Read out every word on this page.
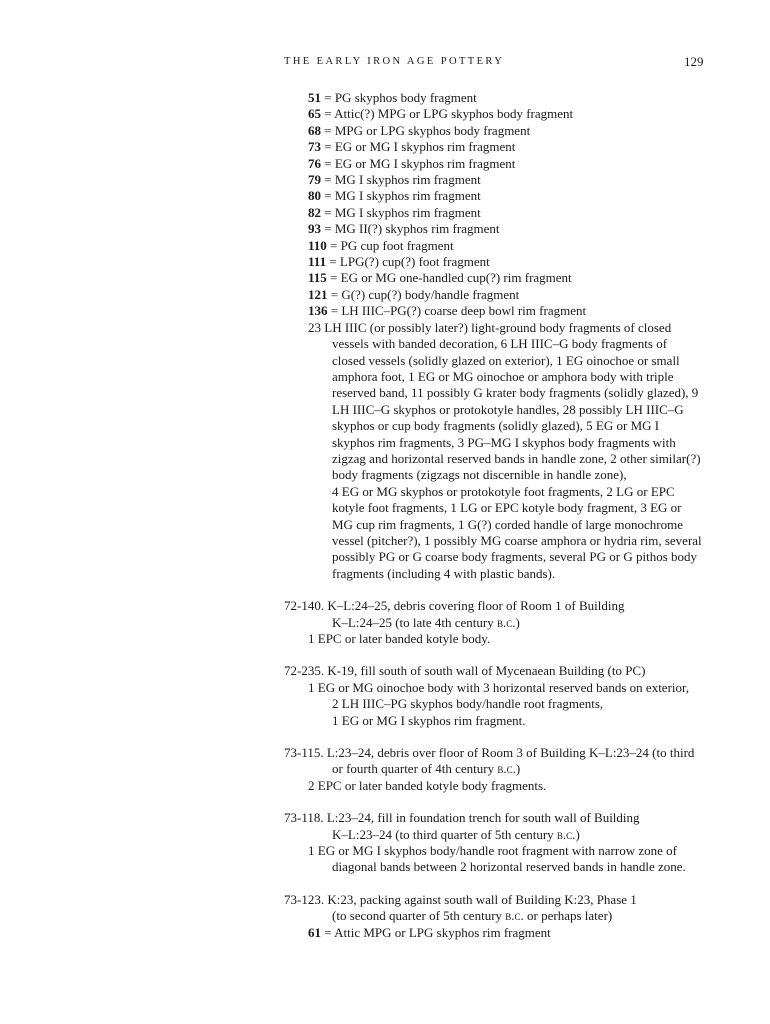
THE EARLY IRON AGE POTTERY	129
51 = PG skyphos body fragment
65 = Attic(?) MPG or LPG skyphos body fragment
68 = MPG or LPG skyphos body fragment
73 = EG or MG I skyphos rim fragment
76 = EG or MG I skyphos rim fragment
79 = MG I skyphos rim fragment
80 = MG I skyphos rim fragment
82 = MG I skyphos rim fragment
93 = MG II(?) skyphos rim fragment
110 = PG cup foot fragment
111 = LPG(?) cup(?) foot fragment
115 = EG or MG one-handled cup(?) rim fragment
121 = G(?) cup(?) body/handle fragment
136 = LH IIIC–PG(?) coarse deep bowl rim fragment
23 LH IIIC (or possibly later?) light-ground body fragments of closed
vessels with banded decoration, 6 LH IIIC–G body fragments of
closed vessels (solidly glazed on exterior), 1 EG oinochoe or small
amphora foot, 1 EG or MG oinochoe or amphora body with triple
reserved band, 11 possibly G krater body fragments (solidly glazed), 9
LH IIIC–G skyphos or protokotyle handles, 28 possibly LH IIIC–G
skyphos or cup body fragments (solidly glazed), 5 EG or MG I
skyphos rim fragments, 3 PG–MG I skyphos body fragments with
zigzag and horizontal reserved bands in handle zone, 2 other similar(?)
body fragments (zigzags not discernible in handle zone),
4 EG or MG skyphos or protokotyle foot fragments, 2 LG or EPC
kotyle foot fragments, 1 LG or EPC kotyle body fragment, 3 EG or
MG cup rim fragments, 1 G(?) corded handle of large monochrome
vessel (pitcher?), 1 possibly MG coarse amphora or hydria rim, several
possibly PG or G coarse body fragments, several PG or G pithos body
fragments (including 4 with plastic bands).
72-140. K–L:24–25, debris covering floor of Room 1 of Building
K–L:24–25 (to late 4th century b.c.)
1 EPC or later banded kotyle body.
72-235. K-19, fill south of south wall of Mycenaean Building (to PC)
1 EG or MG oinochoe body with 3 horizontal reserved bands on exterior,
2 LH IIIC–PG skyphos body/handle root fragments,
1 EG or MG I skyphos rim fragment.
73-115. L:23–24, debris over floor of Room 3 of Building K–L:23–24 (to third
or fourth quarter of 4th century b.c.)
2 EPC or later banded kotyle body fragments.
73-118. L:23–24, fill in foundation trench for south wall of Building
K–L:23–24 (to third quarter of 5th century b.c.)
1 EG or MG I skyphos body/handle root fragment with narrow zone of
diagonal bands between 2 horizontal reserved bands in handle zone.
73-123. K:23, packing against south wall of Building K:23, Phase 1
(to second quarter of 5th century b.c. or perhaps later)
61 = Attic MPG or LPG skyphos rim fragment
